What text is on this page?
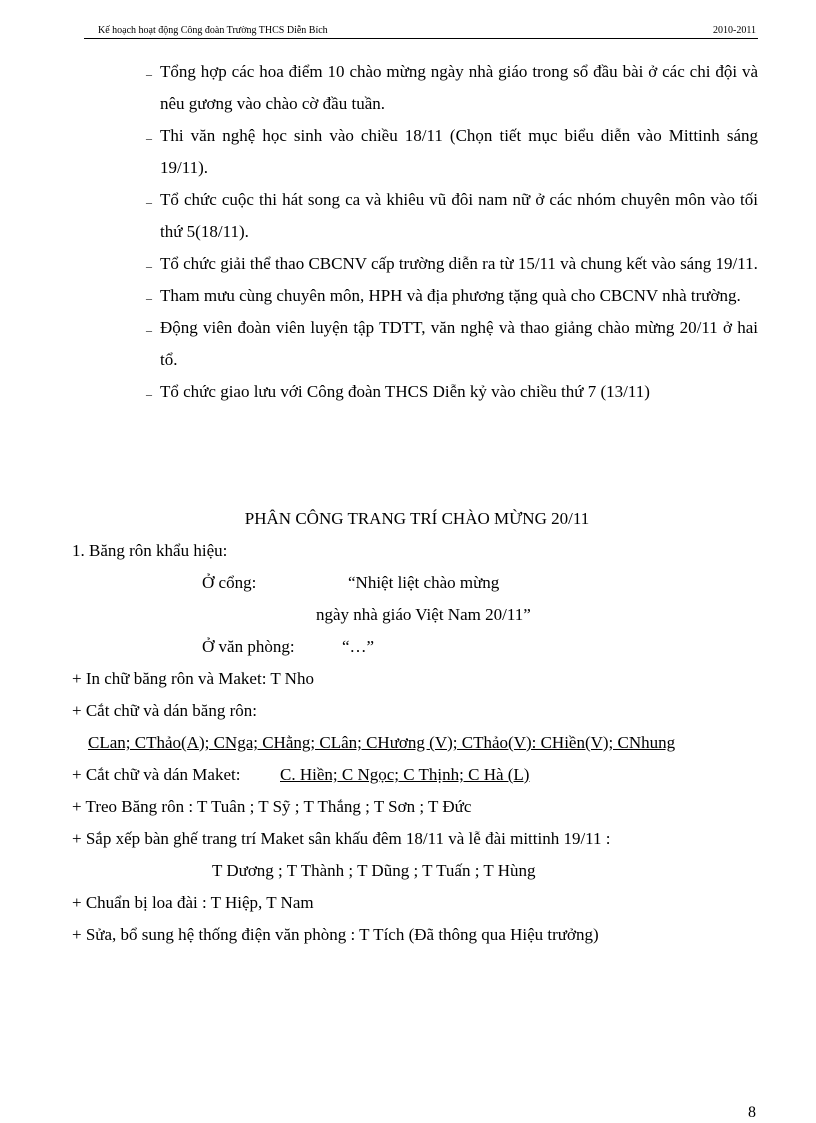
Kế hoạch hoạt động Công đoàn Trường THCS Diễn Bích	2010-2011
– Tổng hợp các hoa điểm 10 chào mừng ngày nhà giáo trong sổ đầu bài ở các chi đội và nêu gương vào chào cờ đầu tuần.
– Thi văn nghệ học sinh vào chiều 18/11 (Chọn tiết mục biểu diễn vào Mittinh sáng 19/11).
– Tổ chức cuộc thi hát song ca và khiêu vũ đôi nam nữ ở các nhóm chuyên môn vào tối thứ 5(18/11).
– Tổ chức giải thể thao CBCNV cấp trường diễn ra từ 15/11 và chung kết vào sáng 19/11.
– Tham mưu cùng chuyên môn, HPH và địa phương tặng quà cho CBCNV nhà trường.
– Động viên đoàn viên luyện tập TDTT, văn nghệ và thao giảng chào mừng 20/11 ở hai tổ.
– Tổ chức giao lưu với Công đoàn THCS Diễn kỷ vào chiều thứ 7 (13/11)
PHÂN CÔNG TRANG TRÍ CHÀO MỪNG 20/11
1. Băng rôn khẩu hiệu:
Ở cổng:	“Nhiệt liệt chào mừng
ngày nhà giáo Việt Nam 20/11”
Ở văn phòng:	“…”
+ In chữ băng rôn và Maket: T Nho
+ Cắt chữ và dán băng rôn:
CLan; CThảo(A); CNga; CHằng; CLân; CHương (V); CThảo(V): CHiền(V); CNhung
+ Cắt chữ và dán Maket: C. Hiền; C Ngọc; C Thịnh; C Hà (L)
+ Treo Băng rôn : T Tuân ; T Sỹ ; T Thắng ; T Sơn ; T Đức
+ Sắp xếp bàn ghế trang trí Maket sân khấu đêm 18/11 và lễ đài mittinh 19/11 :
T Dương ; T Thành ; T Dũng ; T Tuấn ; T Hùng
+ Chuẩn bị loa đài : T Hiệp, T Nam
+ Sửa, bổ sung hệ thống điện văn phòng : T Tích (Đã thông qua Hiệu trưởng)
8
